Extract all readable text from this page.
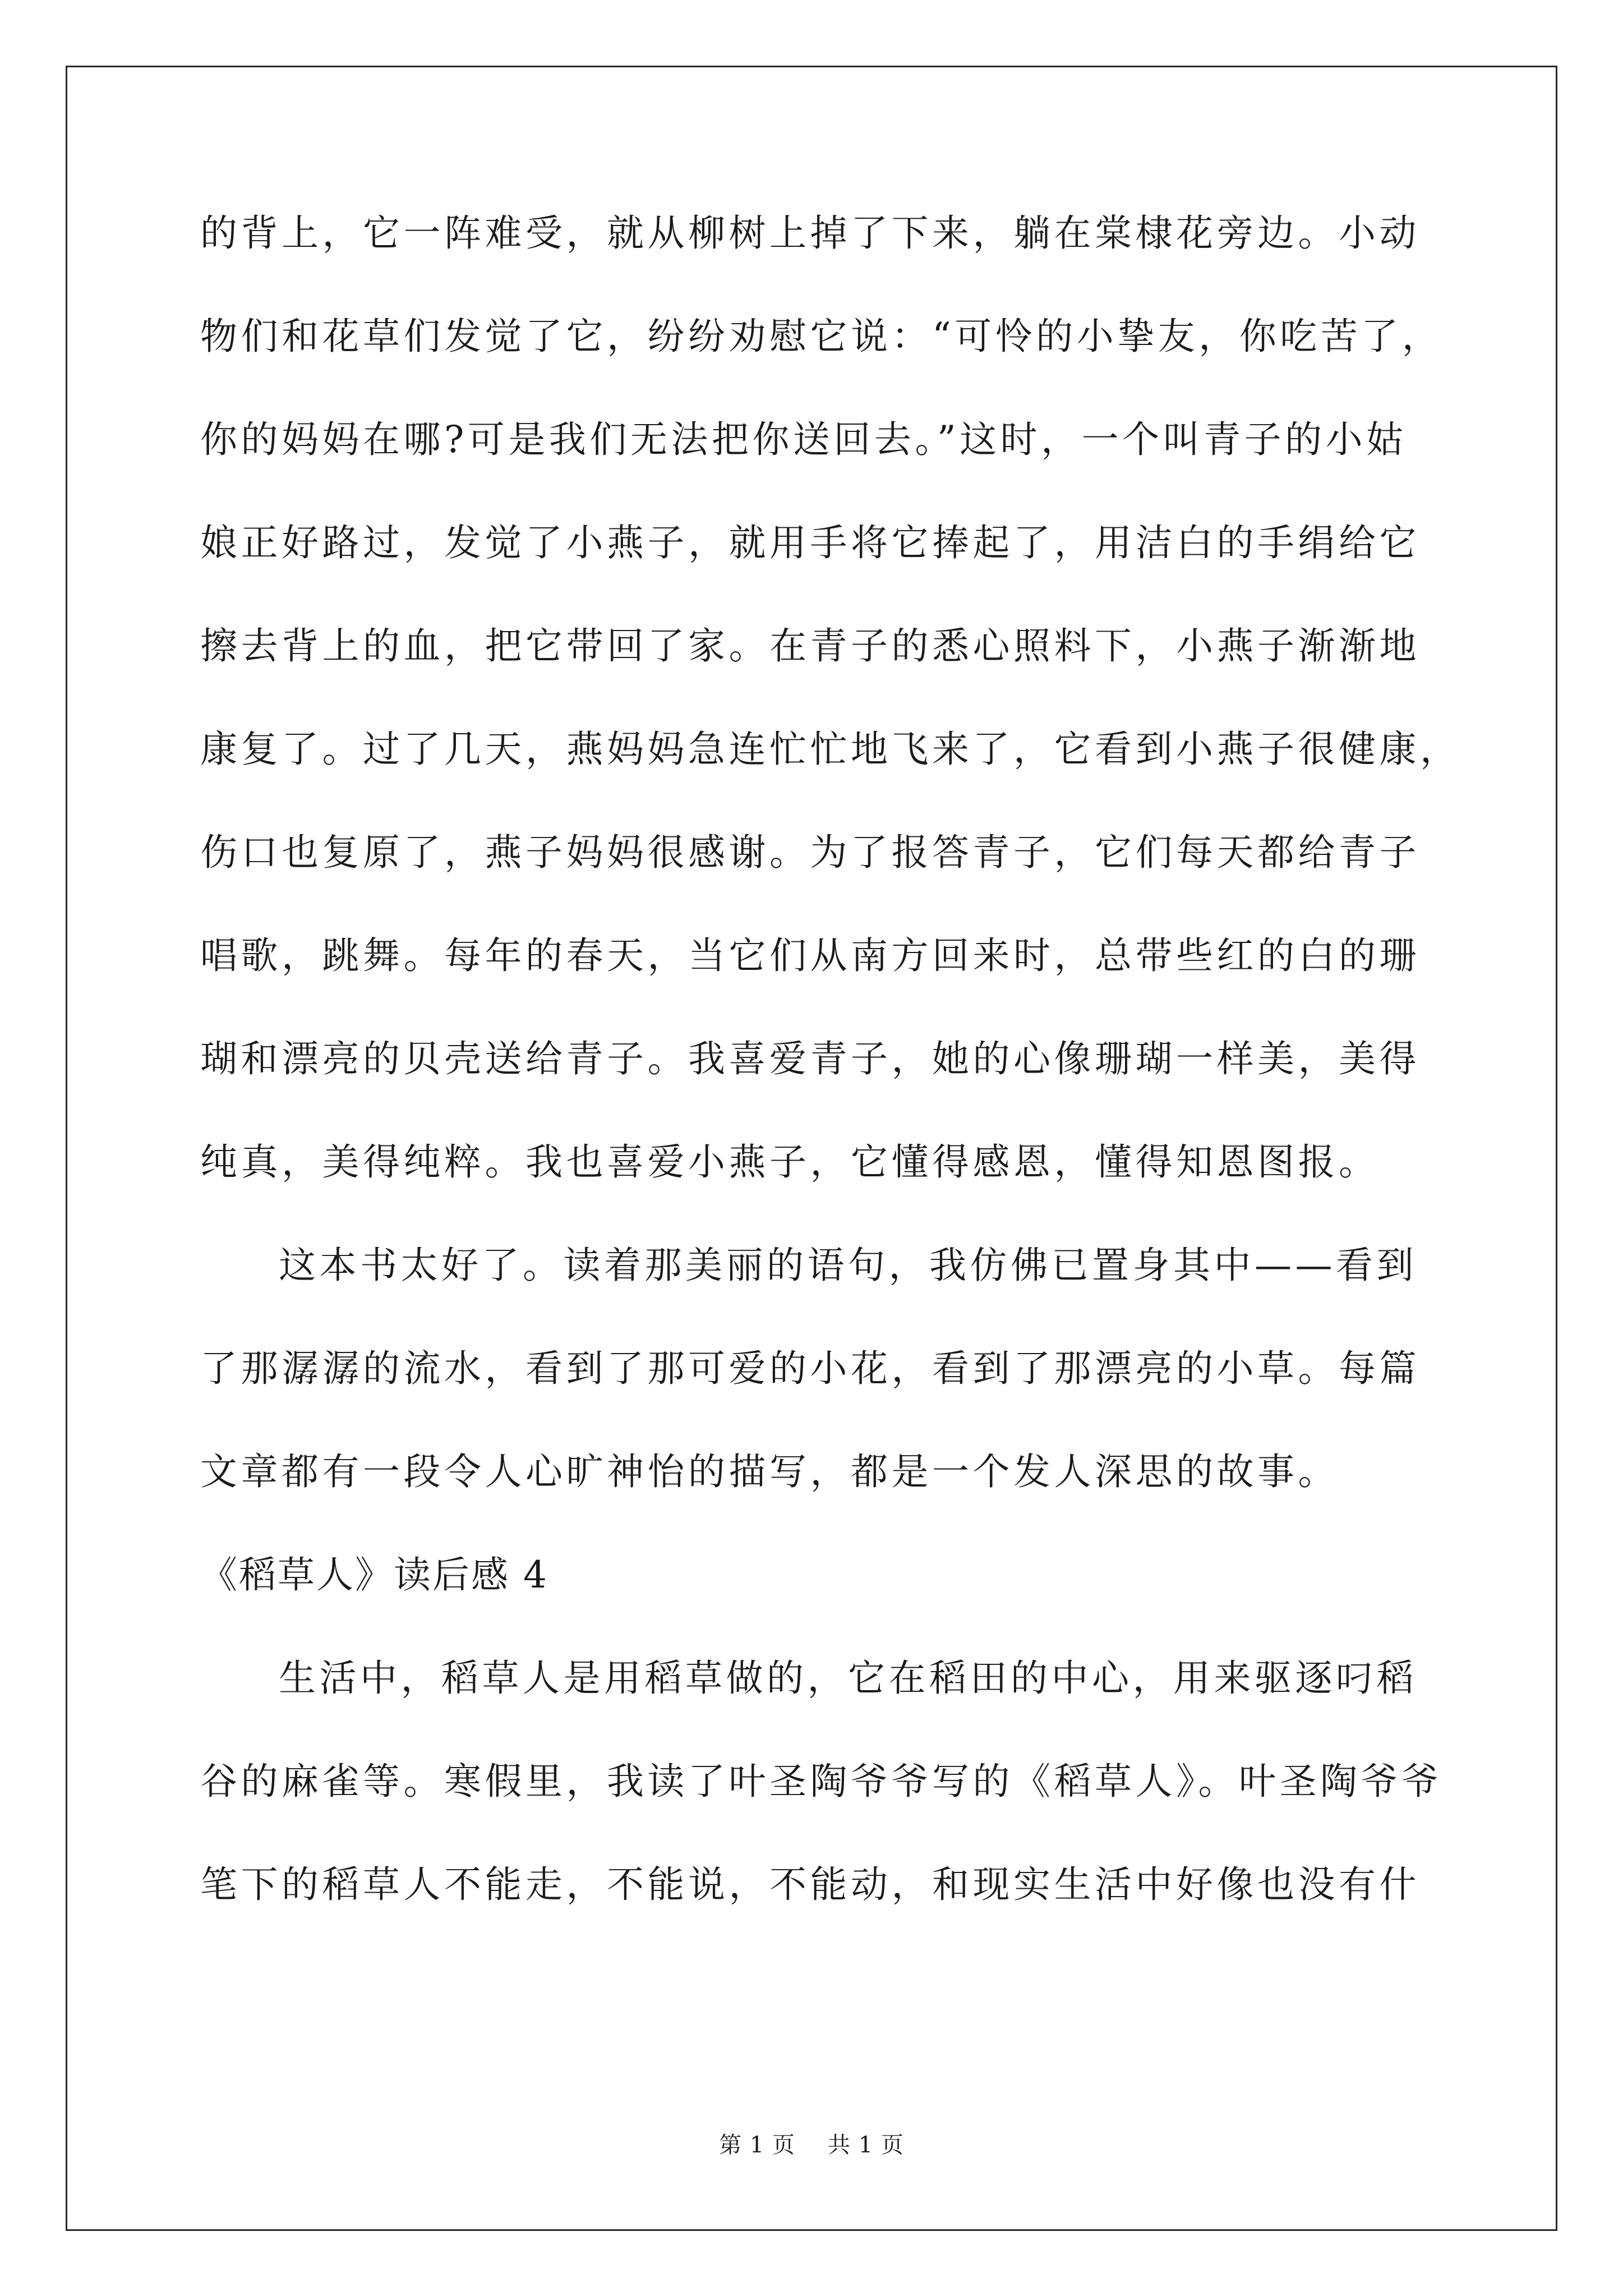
的背上，它一阵难受，就从柳树上掉了下来，躺在棠棣花旁边。小动
物们和花草们发觉了它，纷纷劝慰它说：“可怜的小挚友，你吃苦了，
你的妈妈在哪?可是我们无法把你送回去。”这时，一个叫青子的小姑
娘正好路过，发觉了小燕子，就用手将它捧起了，用洁白的手绢给它
擦去背上的血，把它带回了家。在青子的悉心照料下，小燕子渐渐地
康复了。过了几天，燕妈妈急连忙忙地飞来了，它看到小燕子很健康，
伤口也复原了，燕子妈妈很感谢。为了报答青子，它们每天都给青子
唱歌，跳舞。每年的春天，当它们从南方回来时，总带些红的白的珊
瑚和漂亮的贝壳送给青子。我喜爱青子，她的心像珊瑚一样美，美得
纯真，美得纯粹。我也喜爱小燕子，它懂得感恩，懂得知恩图报。
这本书太好了。读着那美丽的语句，我仿佛已置身其中——看到
了那潺潺的流水，看到了那可爱的小花，看到了那漂亮的小草。每篇
文章都有一段令人心旷神怡的描写，都是一个发人深思的故事。
《稻草人》读后感 4
生活中，稻草人是用稻草做的，它在稻田的中心，用来驱逐叼稻
谷的麻雀等。寒假里，我读了叶圣陶爷爷写的《稻草人》。叶圣陶爷爷
笔下的稻草人不能走，不能说，不能动，和现实生活中好像也没有什
第 1 页 共 1 页
